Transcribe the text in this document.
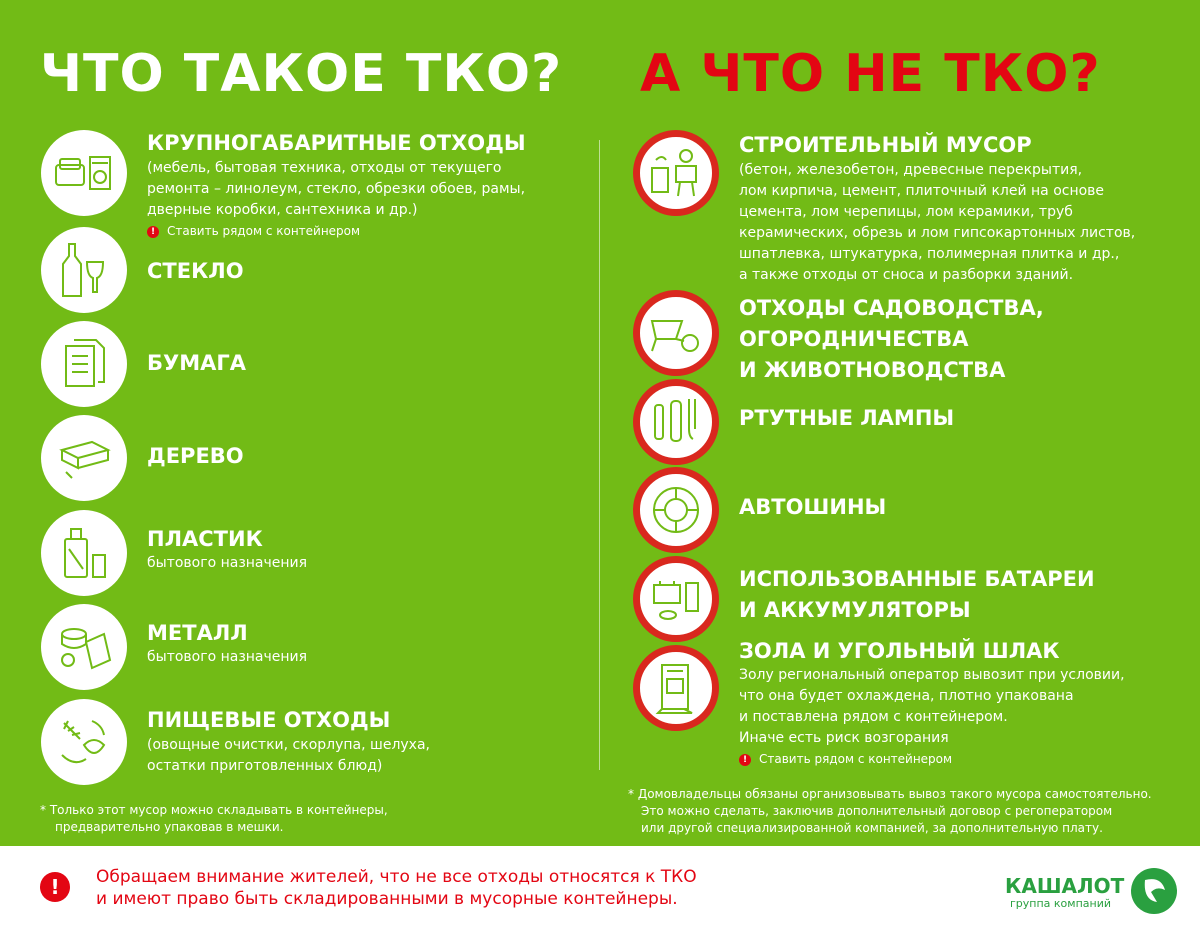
ЧТО ТАКОЕ ТКО? А ЧТО НЕ ТКО?

КРУПНОГАБАРИТНЫЕ ОТХОДЫ

(мебель, бытовая техника, отходы от текущего

ремонта – линолеум, стекло, обрезки обоев, рамы,

дверные коробки, сантехника и др.)

! Ставить рядом с контейнером

СТЕКЛО

БУМАГА

ДЕРЕВО

ПЛАСТИК

бытового назначения

МЕТАЛЛ

бытового назначения

ПИЩЕВЫЕ ОТХОДЫ

(овощные очистки, скорлупа, шелуха,

остатки приготовленных блюд)

* Только этот мусор можно складывать в контейнеры,

предварительно упаковав в мешки.

СТРОИТЕЛЬНЫЙ МУСОР

(бетон, железобетон, древесные перекрытия,

лом кирпича, цемент, плиточный клей на основе

цемента, лом черепицы, лом керамики, труб

керамических, обрезь и лом гипсокартонных листов,

шпатлевка, штукатурка, полимерная плитка и др.,

а также отходы от сноса и разборки зданий.

ОТХОДЫ САДОВОДСТВА,

ОГОРОДНИЧЕСТВА

И ЖИВОТНОВОДСТВА

РТУТНЫЕ ЛАМПЫ

АВТОШИНЫ

ИСПОЛЬЗОВАННЫЕ БАТАРЕИ

И АККУМУЛЯТОРЫ

ЗОЛА И УГОЛЬНЫЙ ШЛАК

Золу региональный оператор вывозит при условии,

что она будет охлаждена, плотно упакована

и поставлена рядом с контейнером.

Иначе есть риск возгорания

! Ставить рядом с контейнером

* Домовладельцы обязаны организовывать вывоз такого мусора самостоятельно.

Это можно сделать, заключив дополнительный договор с регоператором

или другой специализированной компанией, за дополнительную плату.

!	Обращаем внимание жителей, что не все отходы относятся к ТКО
и имеют право быть складированными в мусорные контейнеры.

КАШАЛОТ
группа компаний
